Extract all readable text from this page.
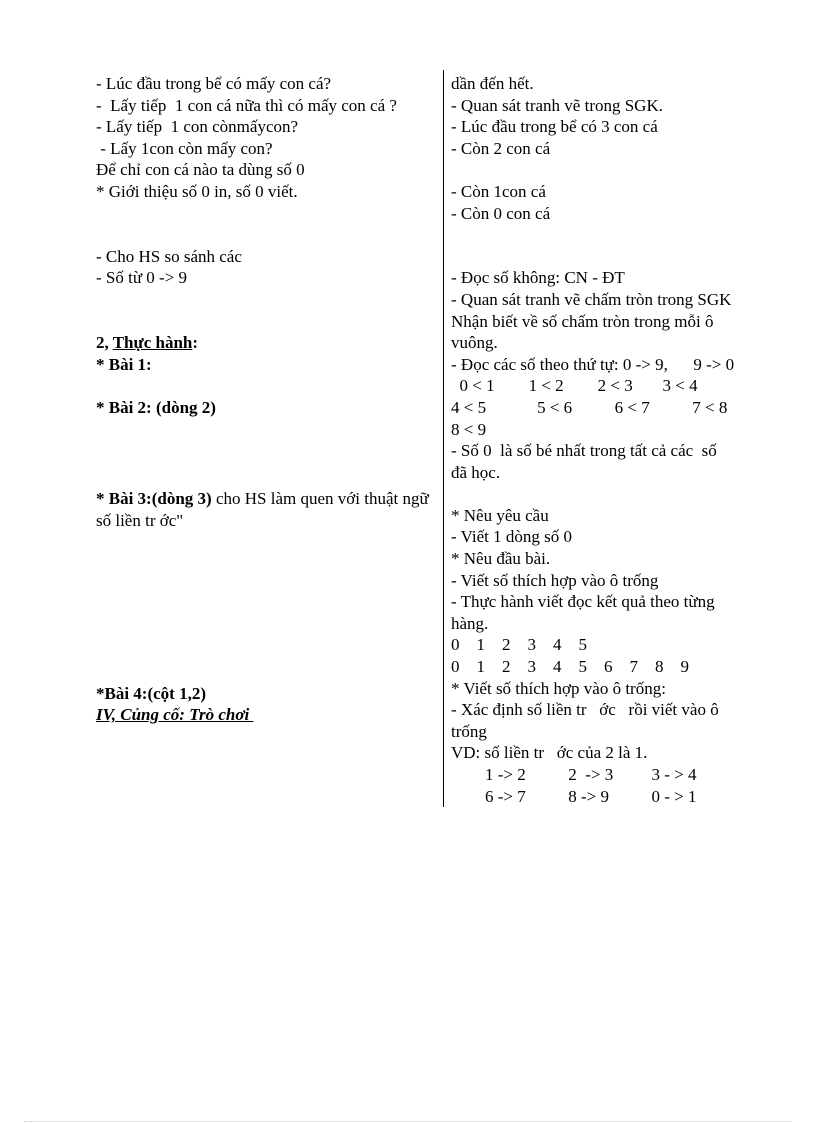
- Lúc đầu trong bể có mấy con cá?
-  Lấy tiếp  1 con cá nữa thì có mấy con cá ?
- Lấy tiếp  1 con cònmấycon?
- Lấy 1con còn mấy con?
Để chỉ con cá nào ta dùng số 0
* Giới thiệu số 0 in, số 0 viết.
- Cho HS so sánh các
- Số từ 0 -> 9
2, Thực hành:
* Bài 1:
* Bài 2: (dòng 2)
* Bài 3:(dòng 3) cho HS làm quen với thuật ngữ số liền tr ớc"
*Bài 4:(cột 1,2)
IV, Củng cố: Trò chơi
dần đến hết.
- Quan sát tranh vẽ trong SGK.
- Lúc đầu trong bể có 3 con cá
- Còn 2 con cá
- Còn 1con cá
- Còn 0 con cá
- Đọc số không: CN - ĐT
- Quan sát tranh vẽ chấm tròn trong SGK
Nhận biết về số chấm tròn trong mỗi ô
vuông.
- Đọc các số theo thứ tự: 0 -> 9,      9 -> 0
0 < 1        1 < 2        2 < 3       3 < 4
4 < 5            5 < 6          6 < 7          7 < 8
8 < 9
- Số 0  là số bé nhất trong tất cả các  số
đã học.
* Nêu yêu cầu
- Viết 1 dòng số 0
* Nêu đầu bài.
- Viết số thích hợp vào ô trống
- Thực hành viết đọc kết quả theo từng
hàng.
0    1    2    3    4    5
0    1    2    3    4    5    6    7    8    9
* Viết số thích hợp vào ô trống:
- Xác định số liền tr   ớc   rồi viết vào ô
trống
VD: số liền tr   ớc của 2 là 1.
1 -> 2          2  -> 3         3 - > 4
6 -> 7          8 -> 9          0 - > 1
